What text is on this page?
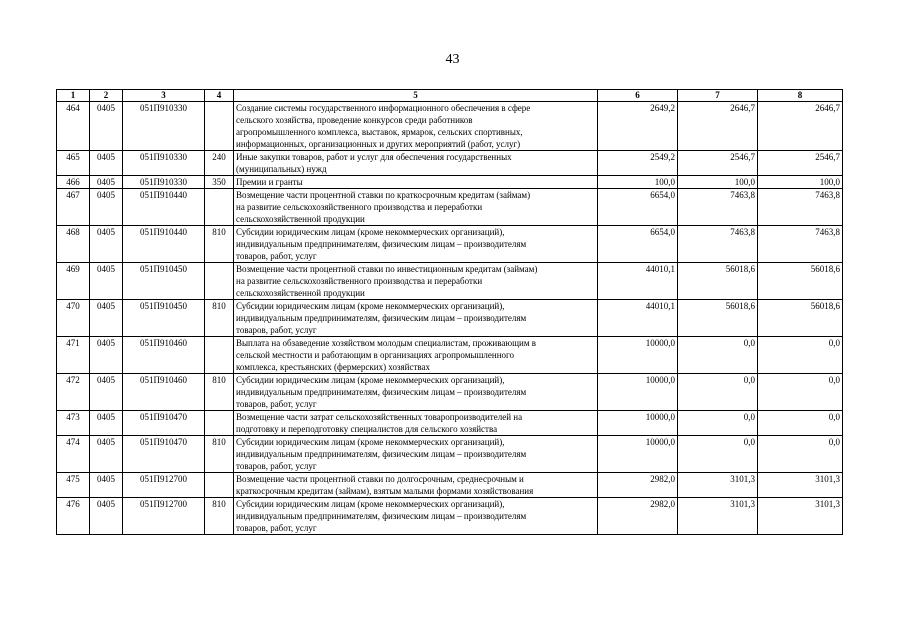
43
1	2	3	4	5	6	7	8
464	0405	051П910330		Создание системы государственного информационного обеспечения в сфере
сельского хозяйства, проведение конкурсов среди работников
агропромышленного комплекса, выставок, ярмарок, сельских спортивных,
информационных, организационных и других мероприятий (работ, услуг)	2649,2	2646,7	2646,7
465	0405	051П910330	240	Иные закупки товаров, работ и услуг для обеспечения государственных
(муниципальных) нужд	2549,2	2546,7	2546,7
466	0405	051П910330	350	Премии и гранты	100,0	100,0	100,0
467	0405	051П910440		Возмещение части процентной ставки по краткосрочным кредитам (займам)
на развитие сельскохозяйственного производства и переработки
сельскохозяйственной продукции	6654,0	7463,8	7463,8
468	0405	051П910440	810	Субсидии юридическим лицам (кроме некоммерческих организаций),
индивидуальным предпринимателям, физическим лицам – производителям
товаров, работ, услуг	6654,0	7463,8	7463,8
469	0405	051П910450		Возмещение части процентной ставки по инвестиционным кредитам (займам)
на развитие сельскохозяйственного производства и переработки
сельскохозяйственной продукции	44010,1	56018,6	56018,6
470	0405	051П910450	810	Субсидии юридическим лицам (кроме некоммерческих организаций),
индивидуальным предпринимателям, физическим лицам – производителям
товаров, работ, услуг	44010,1	56018,6	56018,6
471	0405	051П910460		Выплата на обзаведение хозяйством молодым специалистам, проживающим в
сельской местности и работающим в организациях агропромышленного
комплекса, крестьянских (фермерских) хозяйствах	10000,0	0,0	0,0
472	0405	051П910460	810	Субсидии юридическим лицам (кроме некоммерческих организаций),
индивидуальным предпринимателям, физическим лицам – производителям
товаров, работ, услуг	10000,0	0,0	0,0
473	0405	051П910470		Возмещение части затрат сельскохозяйственных товаропроизводителей на
подготовку и переподготовку специалистов для сельского хозяйства	10000,0	0,0	0,0
474	0405	051П910470	810	Субсидии юридическим лицам (кроме некоммерческих организаций),
индивидуальным предпринимателям, физическим лицам – производителям
товаров, работ, услуг	10000,0	0,0	0,0
475	0405	051П912700		Возмещение части процентной ставки по долгосрочным, среднесрочным и
краткосрочным кредитам (займам), взятым малыми формами хозяйствования	2982,0	3101,3	3101,3
476	0405	051П912700	810	Субсидии юридическим лицам (кроме некоммерческих организаций),
индивидуальным предпринимателям, физическим лицам – производителям
товаров, работ, услуг	2982,0	3101,3	3101,3
